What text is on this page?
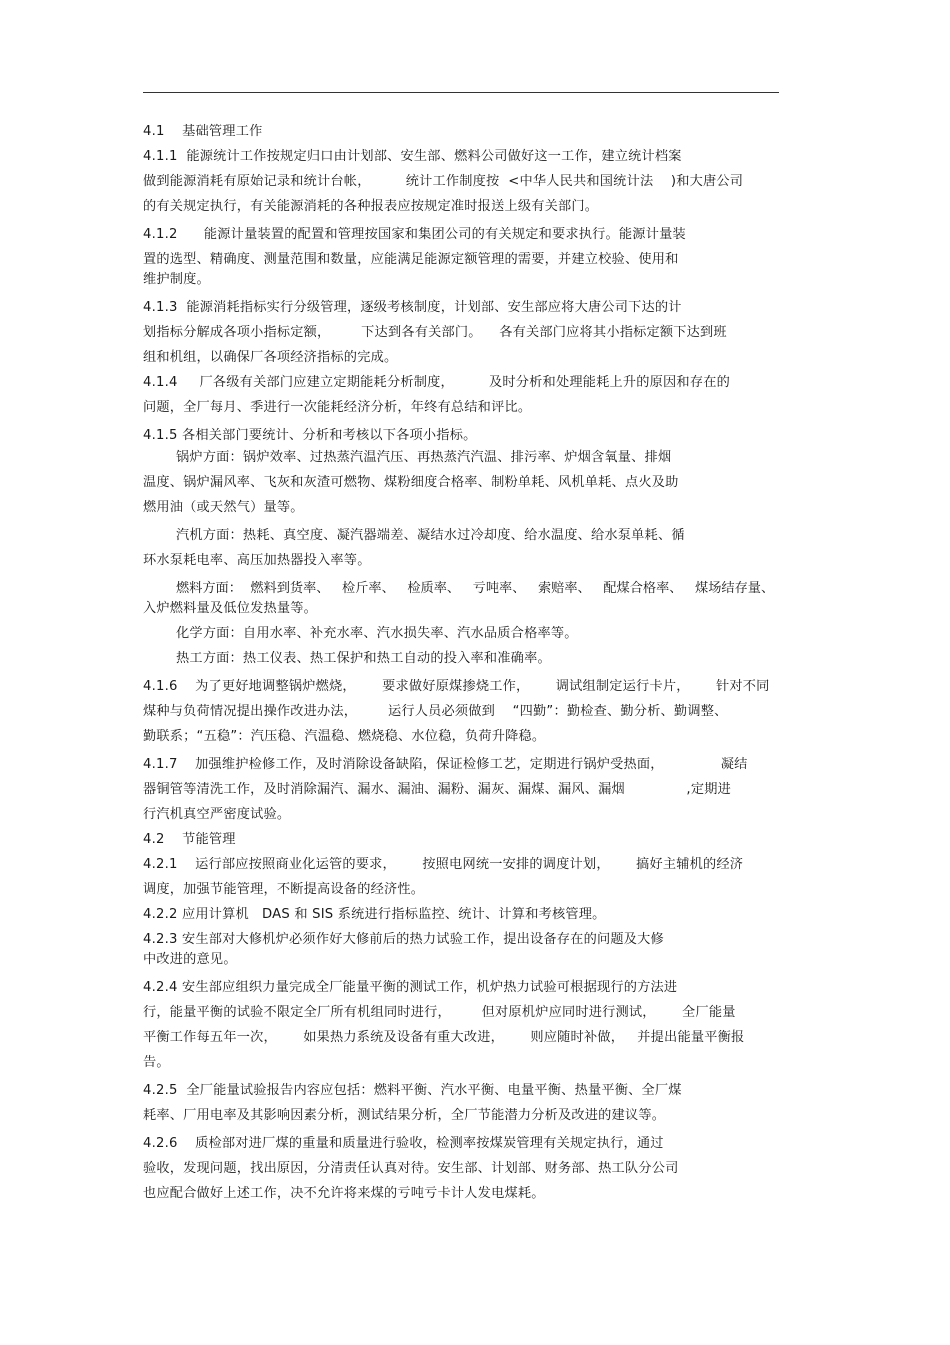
4.1    基础管理工作

4.1.1  能源统计工作按规定归口由计划部、安生部、燃料公司做好这一工作，建立统计档案

做到能源消耗有原始记录和统计台帐，        统计工作制度按  <中华人民共和国统计法    )和大唐公司

的有关规定执行，有关能源消耗的各种报表应按规定准时报送上级有关部门。

4.1.2      能源计量装置的配置和管理按国家和集团公司的有关规定和要求执行。能源计量装

置的选型、精确度、测量范围和数量，应能满足能源定额管理的需要，并建立校验、使用和

维护制度。

4.1.3  能源消耗指标实行分级管理，逐级考核制度，计划部、安生部应将大唐公司下达的计

划指标分解成各项小指标定额，       下达到各有关部门。    各有关部门应将其小指标定额下达到班

组和机组，以确保厂各项经济指标的完成。

4.1.4     厂各级有关部门应建立定期能耗分析制度，        及时分析和处理能耗上升的原因和存在的

问题，全厂每月、季进行一次能耗经济分析，年终有总结和评比。

4.1.5 各相关部门要统计、分析和考核以下各项小指标。

锅炉方面：锅炉效率、过热蒸汽温汽压、再热蒸汽汽温、排污率、炉烟含氧量、排烟

温度、锅炉漏风率、飞灰和灰渣可燃物、煤粉细度合格率、制粉单耗、风机单耗、点火及助

燃用油（或天然气）量等。

汽机方面：热耗、真空度、凝汽器端差、凝结水过冷却度、给水温度、给水泵单耗、循

环水泵耗电率、高压加热器投入率等。

燃料方面：  燃料到货率、   检斤率、   检质率、   亏吨率、   索赔率、   配煤合格率、   煤场结存量、

入炉燃料量及低位发热量等。

化学方面：自用水率、补充水率、汽水损失率、汽水品质合格率等。

热工方面：热工仪表、热工保护和热工自动的投入率和准确率。

4.1.6    为了更好地调整锅炉燃烧，      要求做好原煤掺烧工作，      调试组制定运行卡片，      针对不同

煤种与负荷情况提出操作改进办法，       运行人员必须做到    “四勤”：勤检查、勤分析、勤调整、

勤联系；“五稳”：汽压稳、汽温稳、燃烧稳、水位稳，负荷升降稳。

4.1.7    加强维护检修工作，及时消除设备缺陷，保证检修工艺，定期进行锅炉受热面，             凝结

器铜管等清洗工作，及时消除漏汽、漏水、漏油、漏粉、漏灰、漏煤、漏风、漏烟              ,定期进

行汽机真空严密度试验。

4.2    节能管理

4.2.1    运行部应按照商业化运管的要求，      按照电网统一安排的调度计划，      搞好主辅机的经济

调度，加强节能管理，不断提高设备的经济性。

4.2.2 应用计算机   DAS 和 SIS 系统进行指标监控、统计、计算和考核管理。

4.2.3 安生部对大修机炉必须作好大修前后的热力试验工作，提出设备存在的问题及大修

中改进的意见。

4.2.4 安生部应组织力量完成全厂能量平衡的测试工作，机炉热力试验可根据现行的方法进

行，能量平衡的试验不限定全厂所有机组同时进行，       但对原机炉应同时进行测试，      全厂能量

平衡工作每五年一次，      如果热力系统及设备有重大改进，      则应随时补做，   并提出能量平衡报

告。

4.2.5  全厂能量试验报告内容应包括：燃料平衡、汽水平衡、电量平衡、热量平衡、全厂煤

耗率、厂用电率及其影响因素分析，测试结果分析，全厂节能潜力分析及改进的建议等。

4.2.6    质检部对进厂煤的重量和质量进行验收，检测率按煤炭管理有关规定执行，通过

验收，发现问题，找出原因，分清责任认真对待。安生部、计划部、财务部、热工队分公司

也应配合做好上述工作，决不允许将来煤的亏吨亏卡计人发电煤耗。
